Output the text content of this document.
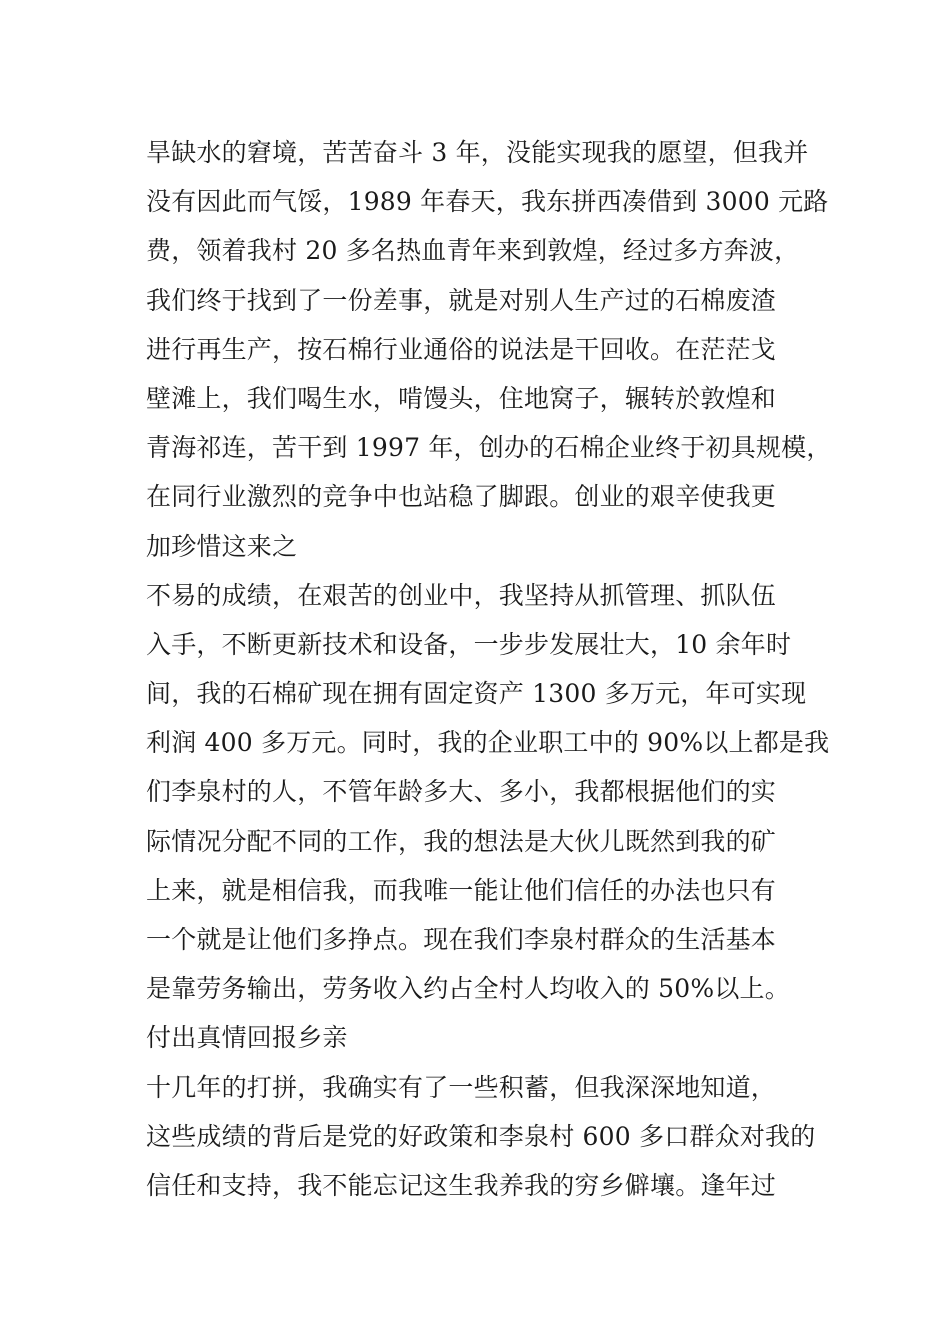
旱缺水的窘境，苦苦奋斗 3 年，没能实现我的愿望，但我并
没有因此而气馁，1989 年春天，我东拼西凑借到 3000 元路
费，领着我村 20 多名热血青年来到敦煌，经过多方奔波，
我们终于找到了一份差事，就是对别人生产过的石棉废渣
进行再生产，按石棉行业通俗的说法是干回收。在茫茫戈
壁滩上，我们喝生水，啃馒头，住地窝子，辗转於敦煌和
青海祁连，苦干到 1997 年，创办的石棉企业终于初具规模，
在同行业激烈的竞争中也站稳了脚跟。创业的艰辛使我更
加珍惜这来之
不易的成绩，在艰苦的创业中，我坚持从抓管理、抓队伍
入手，不断更新技术和设备，一步步发展壮大，10 余年时
间，我的石棉矿现在拥有固定资产 1300 多万元，年可实现
利润 400 多万元。同时，我的企业职工中的 90%以上都是我
们李泉村的人，不管年龄多大、多小，我都根据他们的实
际情况分配不同的工作，我的想法是大伙儿既然到我的矿
上来，就是相信我，而我唯一能让他们信任的办法也只有
一个就是让他们多挣点。现在我们李泉村群众的生活基本
是靠劳务输出，劳务收入约占全村人均收入的 50%以上。
付出真情回报乡亲
十几年的打拼，我确实有了一些积蓄，但我深深地知道，
这些成绩的背后是党的好政策和李泉村 600 多口群众对我的
信任和支持，我不能忘记这生我养我的穷乡僻壤。逢年过
